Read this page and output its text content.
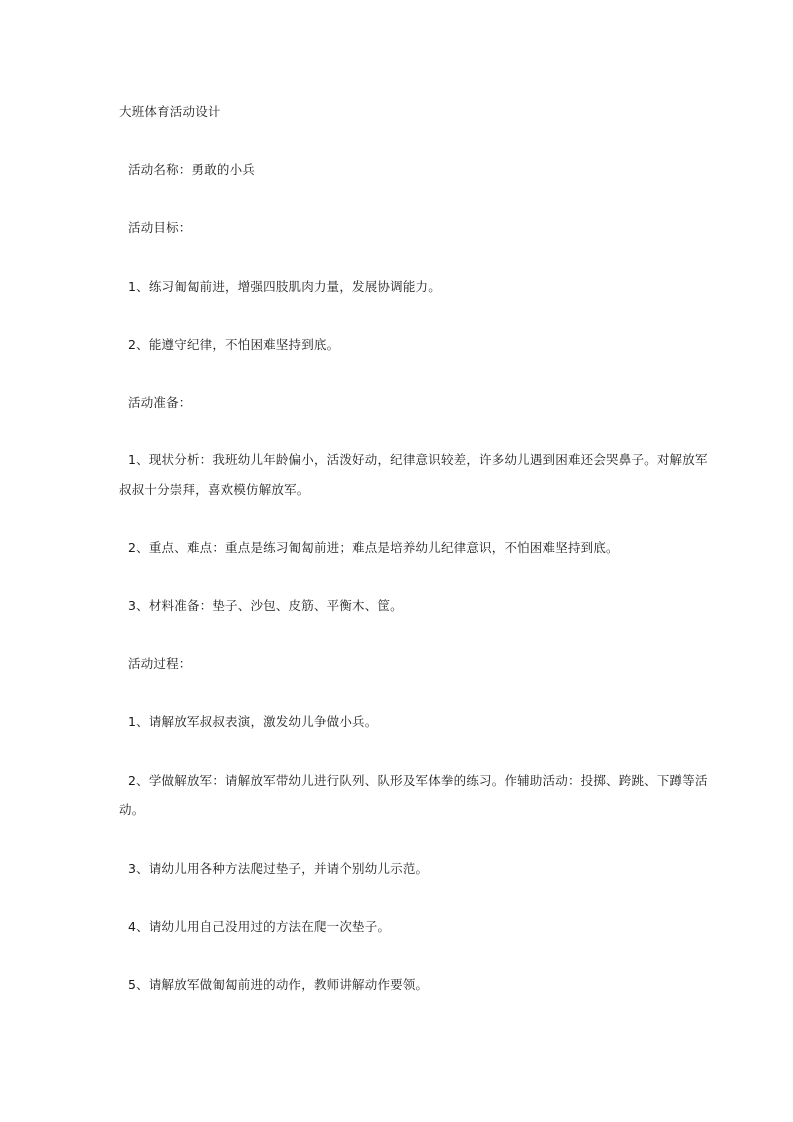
大班体育活动设计
活动名称：勇敢的小兵
活动目标：
1、练习匍匐前进，增强四肢肌肉力量，发展协调能力。
2、能遵守纪律，不怕困难坚持到底。
活动准备：
1、现状分析：我班幼儿年龄偏小，活泼好动，纪律意识较差，许多幼儿遇到困难还会哭鼻子。对解放军
叔叔十分崇拜，喜欢模仿解放军。
2、重点、难点：重点是练习匍匐前进；难点是培养幼儿纪律意识，不怕困难坚持到底。
3、材料准备：垫子、沙包、皮筋、平衡木、筐。
活动过程：
1、请解放军叔叔表演，激发幼儿争做小兵。
2、学做解放军：请解放军带幼儿进行队列、队形及军体拳的练习。作辅助活动：投掷、跨跳、下蹲等活
动。
3、请幼儿用各种方法爬过垫子，并请个别幼儿示范。
4、请幼儿用自己没用过的方法在爬一次垫子。
5、请解放军做匍匐前进的动作，教师讲解动作要领。
